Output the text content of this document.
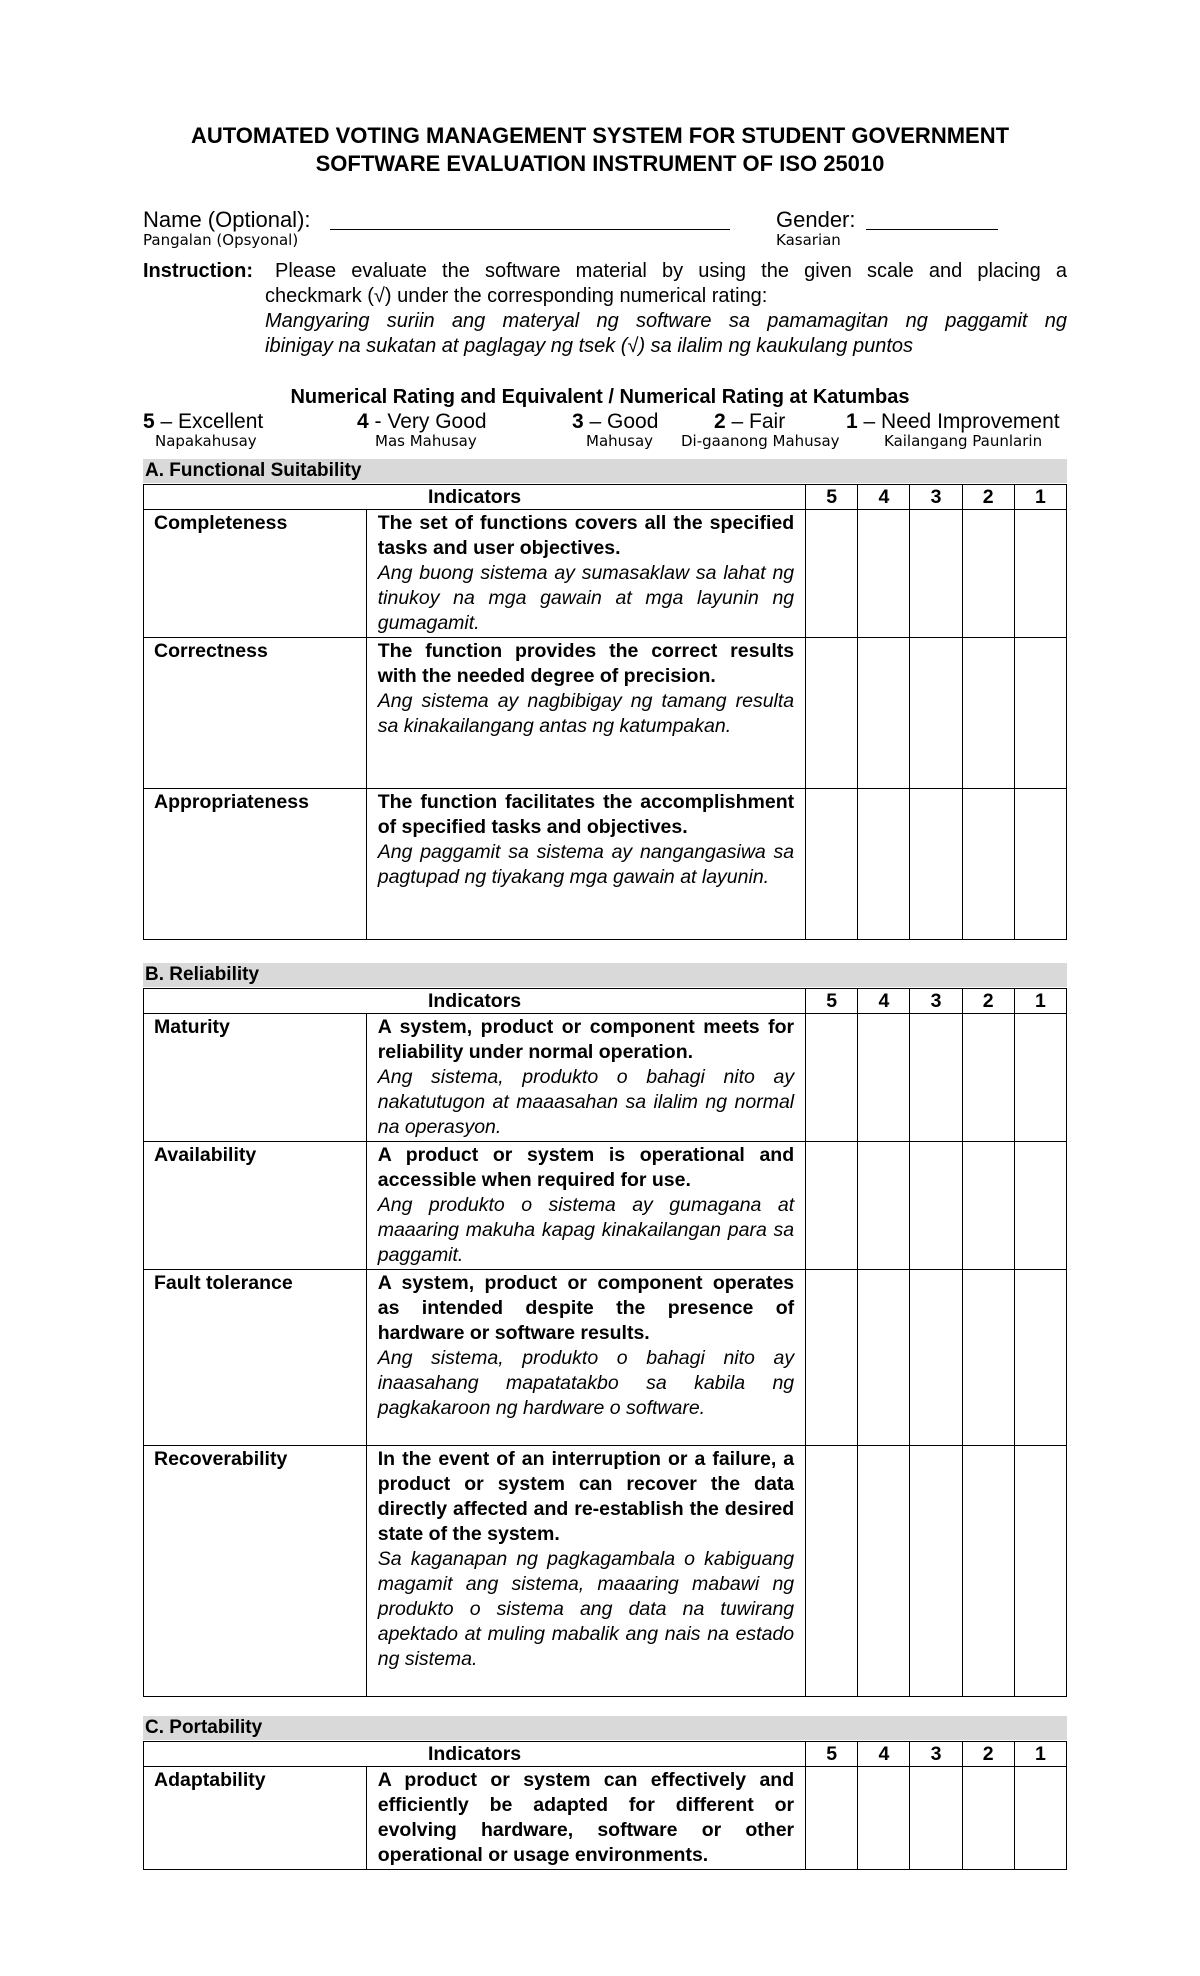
AUTOMATED VOTING MANAGEMENT SYSTEM FOR STUDENT GOVERNMENT
SOFTWARE EVALUATION INSTRUMENT OF ISO 25010
Name (Optional):
Pangalan (Opsyonal)
Gender:
Kasarian
Instruction:	Please evaluate the software material by using the given scale and placing a
checkmark (√) under the corresponding numerical rating:
Mangyaring suriin ang materyal ng software sa pamamagitan ng paggamit ng
ibinigay na sukatan at paglagay ng tsek (√) sa ilalim ng kaukulang puntos
Numerical Rating and Equivalent / Numerical Rating at Katumbas
5 – Excellent
Napakahusay
4 - Very Good
Mas Mahusay
3 – Good
Mahusay
2 – Fair
Di-gaanong Mahusay
1 – Need Improvement
Kailangang Paunlarin
A. Functional Suitability
Indicators		5	4	3	2	1
Completeness	The set of functions covers all the specified tasks and user objectives.
Ang buong sistema ay sumasaklaw sa lahat ng tinukoy na mga gawain at mga layunin ng gumagamit.					

Correctness	The function provides the correct results with the needed degree of precision.
Ang sistema ay nagbibigay ng tamang resulta sa kinakailangang antas ng katumpakan.					

Appropriateness	The function facilitates the accomplishment of specified tasks and objectives.
Ang paggamit sa sistema ay nangangasiwa sa pagtupad ng tiyakang mga gawain at layunin.					

B. Reliability
Indicators		5	4	3	2	1
Maturity	A system, product or component meets for reliability under normal operation.
Ang sistema, produkto o bahagi nito ay nakatutugon at maaasahan sa ilalim ng normal na operasyon.					

Availability	A product or system is operational and accessible when required for use.
Ang produkto o sistema ay gumagana at maaaring makuha kapag kinakailangan para sa paggamit.					

Fault tolerance	A system, product or component operates as intended despite the presence of hardware or software results.
Ang sistema, produkto o bahagi nito ay inaasahang mapatatakbo sa kabila ng pagkakaroon ng hardware o software.					

Recoverability	In the event of an interruption or a failure, a product or system can recover the data directly affected and re-establish the desired state of the system.
Sa kaganapan ng pagkagambala o kabiguang magamit ang sistema, maaaring mabawi ng produkto o sistema ang data na tuwirang apektado at muling mabalik ang nais na estado ng sistema.					

C. Portability
Indicators		5	4	3	2	1
Adaptability	A product or system can effectively and efficiently be adapted for different or evolving hardware, software or other operational or usage environments.					
